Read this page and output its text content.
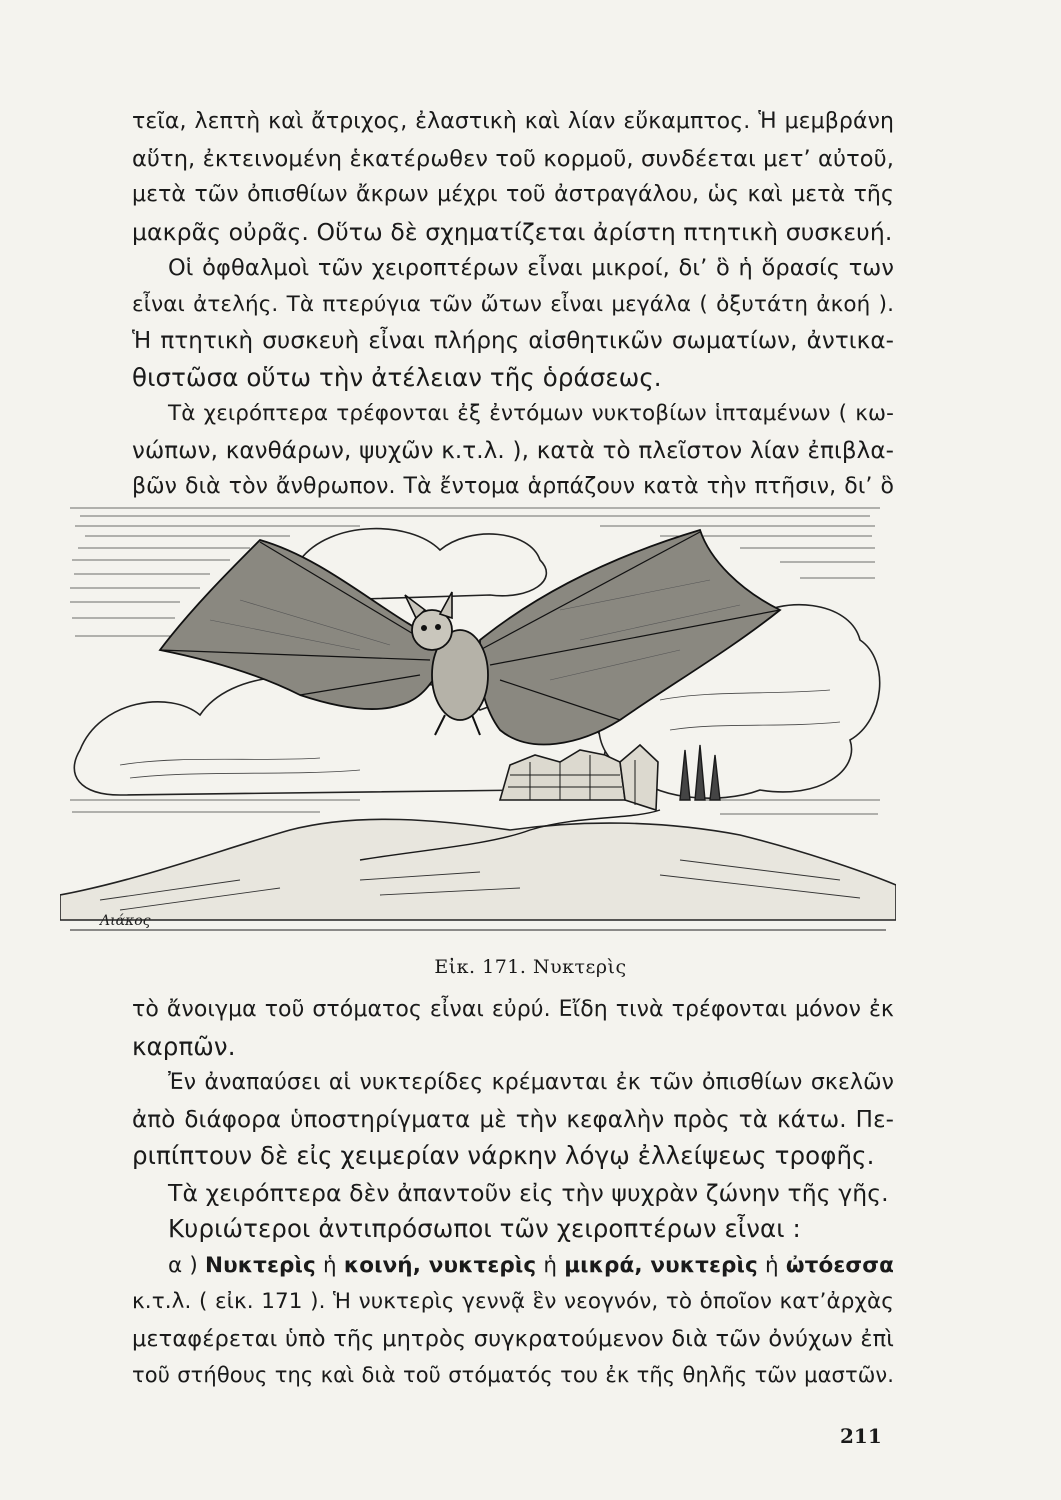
τεῖα, λεπτὴ καὶ ἄτριχος, ἐλαστικὴ καὶ λίαν εὔκαμπτος. Ἡ μεμβράνη
αὕτη, ἐκτεινομένη ἑκατέρωθεν τοῦ κορμοῦ, συνδέεται μετ’ αὐτοῦ,
μετὰ τῶν ὀπισθίων ἄκρων μέχρι τοῦ ἀστραγάλου, ὡς καὶ μετὰ τῆς
μακρᾶς οὐρᾶς. Οὕτω δὲ σχηματίζεται ἀρίστη πτητικὴ συσκευή.
Οἱ ὀφθαλμοὶ τῶν χειροπτέρων εἶναι μικροί, δι’ ὃ ἡ ὅρασίς των
εἶναι ἀτελής. Τὰ πτερύγια τῶν ὤτων εἶναι μεγάλα ( ὀξυτάτη ἀκοή ).
Ἡ πτητικὴ συσκευὴ εἶναι πλήρης αἰσθητικῶν σωματίων, ἀντικα-
θιστῶσα οὕτω τὴν ἀτέλειαν τῆς ὁράσεως.
Τὰ χειρόπτερα τρέφονται ἐξ ἐντόμων νυκτοβίων ἱπταμένων ( κω-
νώπων, κανθάρων, ψυχῶν κ.τ.λ. ), κατὰ τὸ πλεῖστον λίαν ἐπιβλα-
βῶν διὰ τὸν ἄνθρωπον. Τὰ ἔντομα ἁρπάζουν κατὰ τὴν πτῆσιν, δι’ ὃ
Λιάκος
Εἰκ. 171. Νυκτερὶς
τὸ ἄνοιγμα τοῦ στόματος εἶναι εὐρύ. Εἴδη τινὰ τρέφονται μόνον ἐκ
καρπῶν.
Ἐν ἀναπαύσει αἱ νυκτερίδες κρέμανται ἐκ τῶν ὀπισθίων σκελῶν
ἀπὸ διάφορα ὑποστηρίγματα μὲ τὴν κεφαλὴν πρὸς τὰ κάτω. Πε-
ριπίπτουν δὲ εἰς χειμερίαν νάρκην λόγῳ ἐλλείψεως τροφῆς.
Τὰ χειρόπτερα δὲν ἀπαντοῦν εἰς τὴν ψυχρὰν ζώνην τῆς γῆς.
Κυριώτεροι ἀντιπρόσωποι τῶν χειροπτέρων εἶναι :
α ) Νυκτερὶς ἡ κοινή, νυκτερὶς ἡ μικρά, νυκτερὶς ἡ ὠτόεσσα
κ.τ.λ. ( εἰκ. 171 ). Ἡ νυκτερὶς γεννᾷ ἓν νεογνόν, τὸ ὁποῖον κατ’ἀρχὰς
μεταφέρεται ὑπὸ τῆς μητρὸς συγκρατούμενον διὰ τῶν ὀνύχων ἐπὶ
τοῦ στήθους της καὶ διὰ τοῦ στόματός του ἐκ τῆς θηλῆς τῶν μαστῶν.
211
